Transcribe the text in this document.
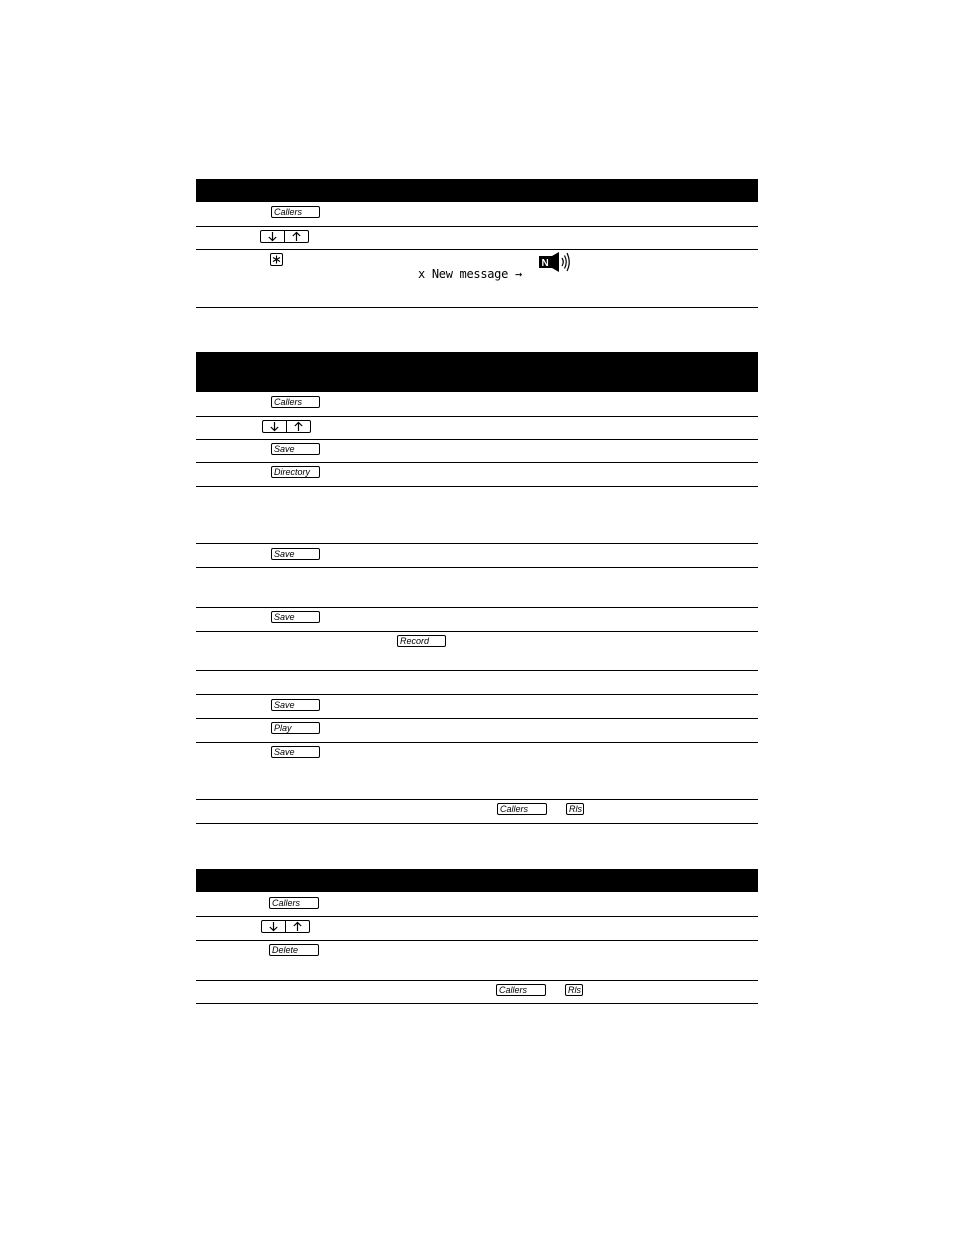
Callers
N
x New message →
Callers
Save
Directory
Save
Save
Record
Save
Play
Save
Callers	Rls
Callers
Delete
Callers	Rls
